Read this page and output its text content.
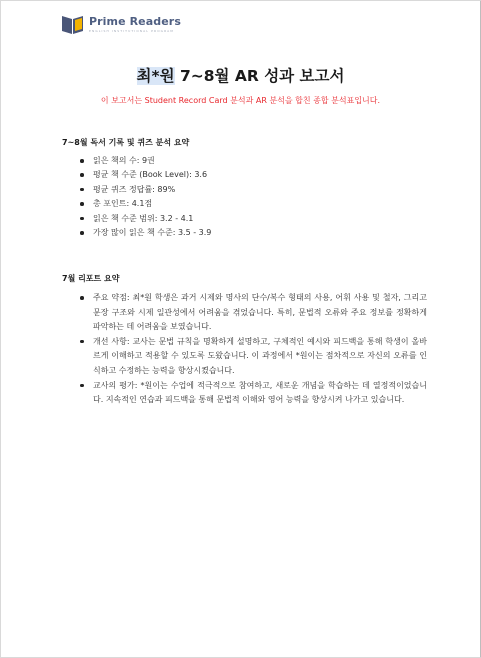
Prime Readers
ENGLISH INSTITUTIONAL PROGRAM
최*원 7~8월 AR 성과 보고서
이 보고서는 Student Record Card 분석과 AR 분석을 합친 종합 분석표입니다.
7~8월 독서 기록 및 퀴즈 분석 요약
읽은 책의 수: 9권
평균 책 수준 (Book Level): 3.6
평균 퀴즈 정답률: 89%
총 포인트: 4.1점
읽은 책 수준 범위: 3.2 - 4.1
가장 많이 읽은 책 수준: 3.5 - 3.9
7월 리포트 요약
주요 약점: 최*원 학생은 과거 시제와 명사의 단수/복수 형태의 사용, 어휘 사용 및 철자, 그리고 문장 구조와 시제 일관성에서 어려움을 겪었습니다. 특히, 문법적 오류와 주요 정보를 정확하게 파악하는 데 어려움을 보였습니다.
개선 사항: 교사는 문법 규칙을 명확하게 설명하고, 구체적인 예시와 피드백을 통해 학생이 올바르게 이해하고 적용할 수 있도록 도왔습니다. 이 과정에서 *원이는 점차적으로 자신의 오류를 인식하고 수정하는 능력을 향상시켰습니다.
교사의 평가: *원이는 수업에 적극적으로 참여하고, 새로운 개념을 학습하는 데 열정적이었습니다. 지속적인 연습과 피드백을 통해 문법적 이해와 영어 능력을 향상시켜 나가고 있습니다.
